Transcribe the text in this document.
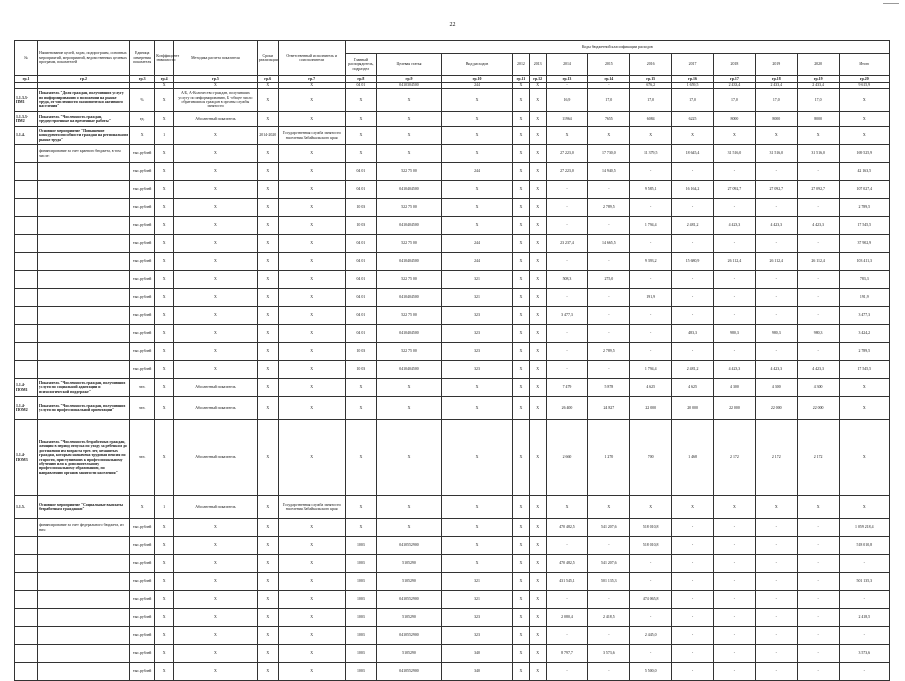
22
№	Наименование целей, задач, подпрограмм, основных мероприятий, мероприятий, ведомственных целевых программ, показателей	Единица измерения показателя	Коэффициент значимости	Методика расчета показателя	Сроки реализации	Ответственный исполнитель и соисполнители	Коды бюджетной классификации расходов												
							Главный распорядитель, подраздел	Целевая статья	Вид расходов	2012	2013	2014	2015	2016	2017	2018	2019	2020	Итого
гр.1	гр.2	гр.3	гр.4	гр.5	гр.6	гр.7	гр.8	гр.9	гр.10	гр.11	гр.12	гр.13	гр.14	гр.15	гр.16	гр.17	гр.18	гр.19	гр.20
			X	X	X	X	04 01	0410304500	244	X	X	-	-	676,2	1 659,5	2 433,4	2 433,4	2 433,4	9 615,9
1.1.3.3-ПМ1	Показатель "Доля граждан, получивших услугу по информированию о положении на рынке труда, от численности экономически активного населения"	%	X	А/Б, А-Количество граждан, получивших услугу по информированию, Б -общее число обратившихся граждан в органы службы занятости	X	X	X	X	X	X	X	16,9	17,0	17,0	17,0	17,0	17,0	17,0	X
1.1.3.3-ПМ2	Показатель "Численность граждан, трудоустроенные на временные работы"	ед.	X	Абсолютный показатель	X	X	X	X	X	X	X	11964	7655	6084	6225	8000	8000	8000	X
1.1.4.	Основное мероприятие "Повышение конкурентоспособности граждан на региональном рынке труда"	X	1	X	2014-2020	Государственная служба занятости населения Забайкальского края	X	X	X	X	X	X	X	X	X	X	X	X	X
	финансирование за счет краевого бюджета, в том числе:	тыс.рублей	X	X	X	X	X	X	X	X	X	27 223,0	17 730,0	11 379,5	18 645,4	31 516,0	31 516,0	31 516,0	169 525,9
		тыс.рублей	X	X	X	X	04 01	522 75 00	244	X	X	27 223,0	14 940,5	-	-	-	-	-	42 163,5
		тыс.рублей	X	X	X	X	04 01	0410404500	X	X	X	-	-	9 585,1	16 164,2	27 092,7	27 092,7	27 092,7	107 027,4
		тыс.рублей	X	X	X	X	10 03	522 75 00	X	X	X	-	2 789,5	-	-	-	-	-	2 789,5
		тыс.рублей	X	X	X	X	10 03	0410404500	X	X	X	-	-	1 794,4	2 481,2	4 423,3	4 423,3	4 423,3	17 545,5
		тыс.рублей	X	X	X	X	04 01	522 75 00	244	X	X	23 237,4	14 665,5	-	-	-	-	-	37 902,9
		тыс.рублей	X	X	X	X	04 01	0410404500	244	X	X	-	-	9 393,2	15 680,9	26 112,4	26 112,4	26 112,4	103 411,3
		тыс.рублей	X	X	X	X	04 01	522 75 00	321	X	X	508,3	275,0	-	-	-	-	-	783,3
		тыс.рублей	X	X	X	X	04 01	0410404500	321	X	X	-	-	191,9	-	-	-	-	191,9
		тыс.рублей	X	X	X	X	04 01	522 75 00	323	X	X	3 477,3	-	-	-	-	-	-	3 477,3
		тыс.рублей	X	X	X	X	04 01	0410404500	323	X	X	-	-	-	483,3	980,3	980,3	980,3	3 424,2
		тыс.рублей	X	X	X	X	10 03	522 75 00	323	X	X	-	2 789,5	-	-	-	-	-	2 789,5
		тыс.рублей	X	X	X	X	10 03	0410404500	323	X	X	-	-	1 794,4	2 481,2	4 423,3	4 423,3	4 423,3	17 545,5
1.1.4-ПОМ1	Показатель "Численность граждан, получивших услуги по социальной адаптации и психологической поддержке"	чел.	X	Абсолютный показатель	X	X	X	X	X	X	X	7 479	5 878	4 625	4 625	4 300	4 300	4 300	X
1.1.4-ПОМ2	Показатель "Численность граждан, получивших услуги по профессиональной ориентации"	чел.	X	Абсолютный показатель	X	X	X	X	X	X	X	26 400	24 827	22 000	20 000	22 000	22 000	22 000	X
1.1.4-ПОМ3	Показатель "Численность безработных граждан, женщин в период отпуска по уходу за ребенком до достижения им возраста трех лет, незанятых граждан, которым назначена трудовая пенсия по старости, приступивших к профессиональному обучению или к дополнительному профессиональному образованию, по направлению органов занятости населения"	чел.	X	Абсолютный показатель	X	X	X	X	X	X	X	2 660	1 270	700	1 468	2 172	2 172	2 172	X
1.1.5.	Основное мероприятие "Социальные выплаты безработным гражданам"	X	1	Абсолютный показатель	X	Государственная служба занятости населения Забайкальского края	X	X	X	X	X	X	X	X	X	X	X	X	X
	финансирование за счет федерального бюджета, из них:	тыс.рублей	X	X	X	X	X	X	X	X	X	470 482,5	541 207,6	518 010,8	-	-	-	-	1 059 218,4
		тыс.рублей	X	X	X	X	1003	0410552900	X	X	X	-	-	518 010,8	-	-	-	-	518 010,8
		тыс.рублей	X	X	X	X	1003	5105290	X	X	X	470 482,5	541 207,6	-	-	-	-	-	-
		тыс.рублей	X	X	X	X	1003	5105290	321	X	X	431 545,1	501 135,3	-	-	-	-	-	501 135,3
		тыс.рублей	X	X	X	X	1003	0410552900	321	X	X	-	-	474 065,8	-	-	-	-	-
		тыс.рублей	X	X	X	X	1003	5105290	323	X	X	2 080,4	2 418,5	-	-	-	-	-	2 418,5
		тыс.рублей	X	X	X	X	1003	0410552900	323	X	X	-	-	2 445,0	-	-	-	-	-
		тыс.рублей	X	X	X	X	1003	5105290	340	X	X	8 797,7	3 573,6	-	-	-	-	-	3 573,6
		тыс.рублей	X	X	X	X	1003	0410552900	340	X	X	-	-	5 500,0	-	-	-	-	-
